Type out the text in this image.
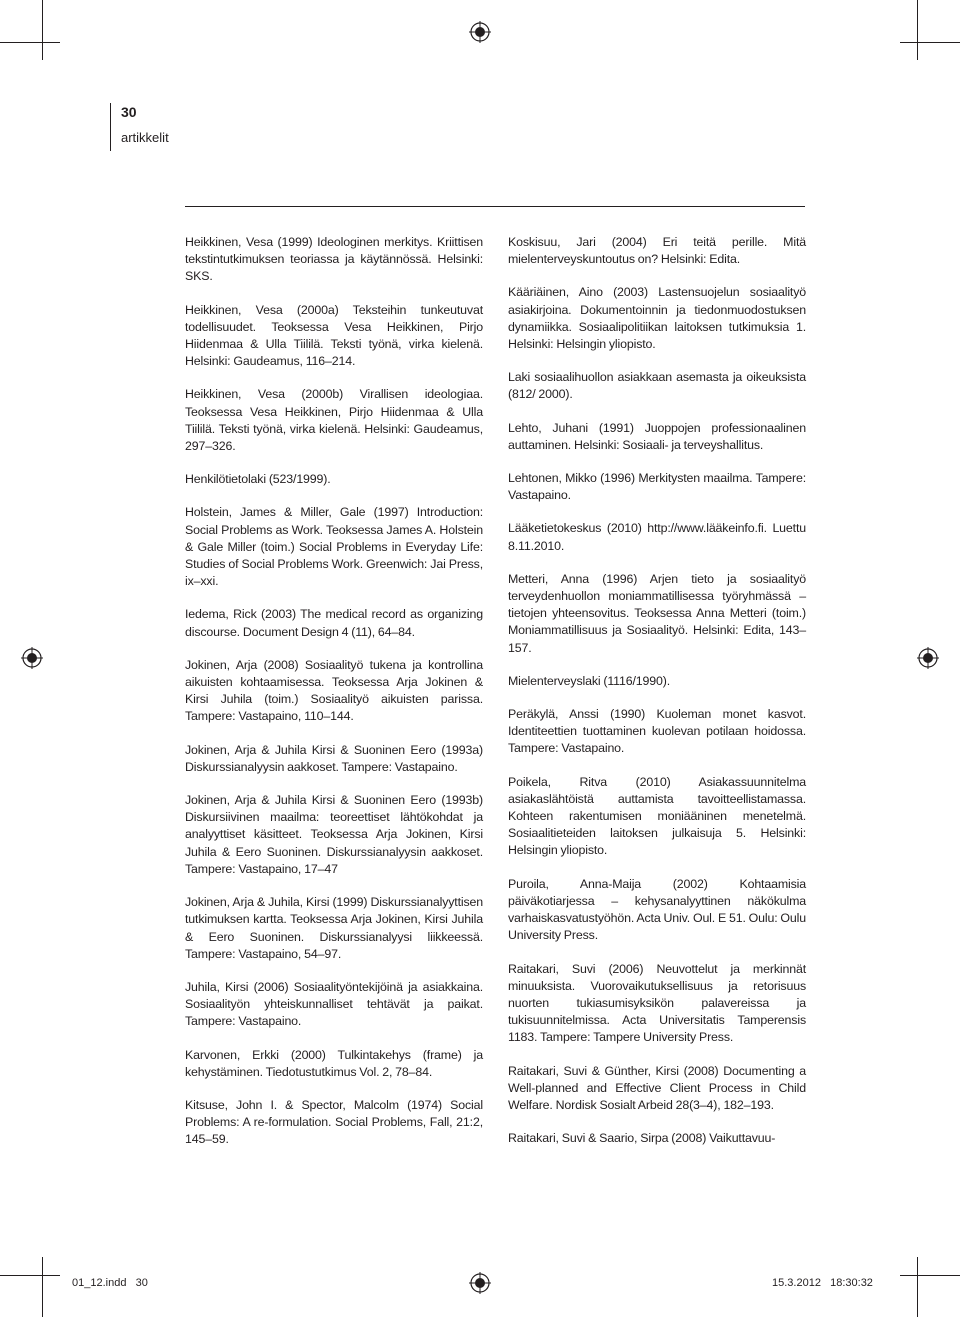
30
artikkelit

Heikkinen, Vesa (1999) Ideologinen merkitys. Kriittisen tekstintutkimuksen teoriassa ja käytännössä. Helsinki: SKS.

Heikkinen, Vesa (2000a) Teksteihin tunkeutuvat todellisuudet. Teoksessa Vesa Heikkinen, Pirjo Hiidenmaa & Ulla Tiililä. Teksti työnä, virka kielenä. Helsinki: Gaudeamus, 116–214.

Heikkinen, Vesa (2000b) Virallisen ideologiaa. Teoksessa Vesa Heikkinen, Pirjo Hiidenmaa & Ulla Tiililä. Teksti työnä, virka kielenä. Helsinki: Gaudeamus, 297–326.

Henkilötietolaki (523/1999).

Holstein, James & Miller, Gale (1997) Introduction: Social Problems as Work. Teoksessa James A. Holstein & Gale Miller (toim.) Social Problems in Everyday Life: Studies of Social Problems Work. Greenwich: Jai Press, ix–xxi.

Iedema, Rick (2003) The medical record as organizing discourse. Document Design 4 (11), 64–84.

Jokinen, Arja (2008) Sosiaalityö tukena ja kontrollina aikuisten kohtaamisessa. Teoksessa Arja Jokinen & Kirsi Juhila (toim.) Sosiaalityö aikuisten parissa. Tampere: Vastapaino, 110–144.

Jokinen, Arja & Juhila Kirsi & Suoninen Eero (1993a) Diskurssianalyysin aakkoset. Tampere: Vastapaino.

Jokinen, Arja & Juhila Kirsi & Suoninen Eero (1993b) Diskursiivinen maailma: teoreettiset lähtökohdat ja analyyttiset käsitteet. Teoksessa Arja Jokinen, Kirsi Juhila & Eero Suoninen. Diskurssianalyysin aakkoset. Tampere: Vastapaino, 17–47

Jokinen, Arja & Juhila, Kirsi (1999) Diskurssianalyyttisen tutkimuksen kartta. Teoksessa Arja Jokinen, Kirsi Juhila & Eero Suoninen. Diskurssianalyysi liikkeessä. Tampere: Vastapaino, 54–97.

Juhila, Kirsi (2006) Sosiaalityöntekijöinä ja asiakkaina. Sosiaalityön yhteiskunnalliset tehtävät ja paikat. Tampere: Vastapaino.

Karvonen, Erkki (2000) Tulkintakehys (frame) ja kehystäminen. Tiedotustutkimus Vol. 2, 78–84.

Kitsuse, John I. & Spector, Malcolm (1974) Social Problems: A re-formulation. Social Problems, Fall, 21:2, 145–59.

Koskisuu, Jari (2004) Eri teitä perille. Mitä mielenterveyskuntoutus on? Helsinki: Edita.

Kääriäinen, Aino (2003) Lastensuojelun sosiaalityö asiakirjoina. Dokumentoinnin ja tiedonmuodostuksen dynamiikka. Sosiaalipolitiikan laitoksen tutkimuksia 1. Helsinki: Helsingin yliopisto.

Laki sosiaalihuollon asiakkaan asemasta ja oikeuksista (812/ 2000).

Lehto, Juhani (1991) Juoppojen professionaalinen auttaminen. Helsinki: Sosiaali- ja terveyshallitus.

Lehtonen, Mikko (1996) Merkitysten maailma. Tampere: Vastapaino.

Lääketietokeskus (2010) http://www.lääkeinfo.fi. Luettu 8.11.2010.

Metteri, Anna (1996) Arjen tieto ja sosiaalityö terveydenhuollon moniammatillisessa työryhmässä – tietojen yhteensovitus. Teoksessa Anna Metteri (toim.) Moniammatillisuus ja Sosiaalityö. Helsinki: Edita, 143–157.

Mielenterveyslaki (1116/1990).

Peräkylä, Anssi (1990) Kuoleman monet kasvot. Identiteettien tuottaminen kuolevan potilaan hoidossa. Tampere: Vastapaino.

Poikela, Ritva (2010) Asiakassuunnitelma asiakaslähtöistä auttamista tavoitteellistamassa. Kohteen rakentumisen moniääninen menetelmä. Sosiaalitieteiden laitoksen julkaisuja 5. Helsinki: Helsingin yliopisto.

Puroila, Anna-Maija (2002) Kohtaamisia päiväkotiarjessa – kehysanalyyttinen näkökulma varhaiskasvatustyöhön. Acta Univ. Oul. E 51. Oulu: Oulu University Press.

Raitakari, Suvi (2006) Neuvottelut ja merkinnät minuuksista. Vuorovaikutuksellisuus ja retorisuus nuorten tukiasumisyksikön palavereissa ja tukisuunnitelmissa. Acta Universitatis Tamperensis 1183. Tampere: Tampere University Press.

Raitakari, Suvi & Günther, Kirsi (2008) Documenting a Well-planned and Effective Client Process in Child Welfare. Nordisk Sosialt Arbeid 28(3–4), 182–193.

Raitakari, Suvi & Saario, Sirpa (2008) Vaikuttavuu-

01_12.indd   30	15.3.2012   18:30:32
